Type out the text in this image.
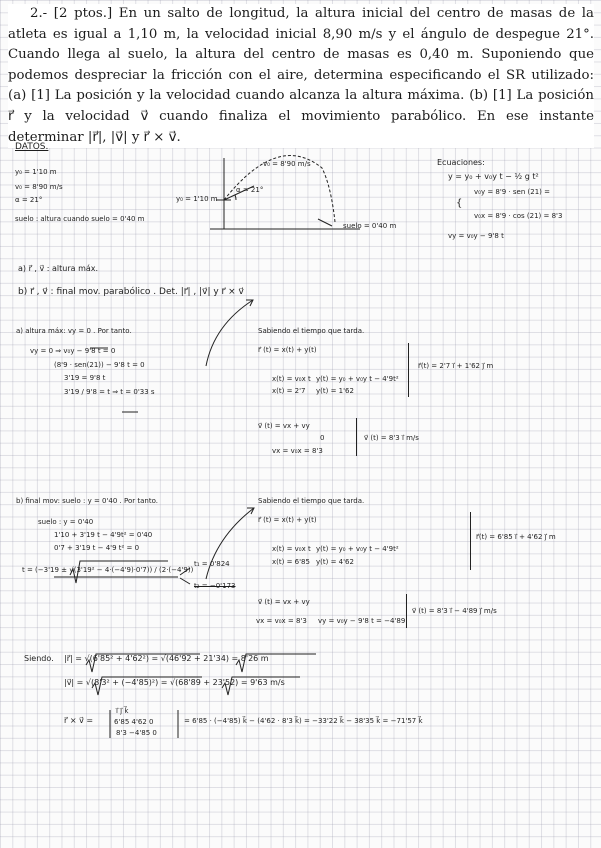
2.- [2 ptos.] En un salto de longitud, la altura inicial del centro de masas de la atleta es igual a 1,10 m, la velocidad inicial 8,90 m/s y el ángulo de despegue 21°. Cuando llega al suelo, la altura del centro de masas es 0,40 m. Suponiendo que podemos despreciar la fricción con el aire, determina especificando el SR utilizado: (a) [1] La posición y la velocidad cuando alcanza la altura máxima. (b) [1] La posición r⃗ y la velocidad v⃗ cuando finaliza el movimiento parabólico. En ese instante determinar |r⃗|, |v⃗| y r⃗ × v⃗.
DATOS.
y₀ = 1'10 m
v₀ = 8'90 m/s
α = 21°
suelo : altura cuando suelo = 0'40 m
v₀ = 8'90 m/s
α = 21°
y₀ = 1'10 m
suelo = 0'40 m
Ecuaciones:
y = y₀ + v₀y t − ½ g t²
v₀y = 8'9 · sen (21) =
v₀x = 8'9 · cos (21) = 8'3
vy = v₀y − 9'8 t
{
a) r⃗ , v⃗ : altura máx.
b) r⃗ , v⃗ : final mov. parabólico . Det. |r⃗| , |v⃗| y r⃗ × v⃗
a) altura máx: vy = 0 . Por tanto.
vy = 0 ⇒ v₀y − 9'8 t = 0
(8'9 · sen(21)) − 9'8 t = 0
3'19 = 9'8 t
3'19 / 9'8 = t ⇒ t = 0'33 s
Sabiendo el tiempo que tarda.
r⃗ (t) = x(t) + y(t)
x(t) = v₀x t y(t) = y₀ + v₀y t − 4'9t²
x(t) = 2'7 y(t) = 1'62
r⃗(t) = 2'7 i⃗ + 1'62 j⃗ m
v⃗ (t) = vx + vy
0
vx = v₀x = 8'3
v⃗ (t) = 8'3 i⃗ m/s
b) final mov: suelo : y = 0'40 . Por tanto.
suelo : y = 0'40
1'10 + 3'19 t − 4'9t² = 0'40
0'7 + 3'19 t − 4'9 t² = 0
t = (−3'19 ± √(3'19² − 4·(−4'9)·0'7)) / (2·(−4'9))
t₁ = 0'824
t₂ = −0'173
Sabiendo el tiempo que tarda.
r⃗ (t) = x(t) + y(t)
x(t) = v₀x t y(t) = y₀ + v₀y t − 4'9t²
x(t) = 6'85 y(t) = 4'62
r⃗(t) = 6'85 i⃗ + 4'62 j⃗ m
v⃗ (t) = vx + vy
vx = v₀x = 8'3 vy = v₀y − 9'8 t = −4'89
v⃗ (t) = 8'3 i⃗ − 4'89 j⃗ m/s
Siendo. |r⃗| = √(6'85² + 4'62²) = √(46'92 + 21'34) = 8'26 m
|v⃗| = √(8'3² + (−4'85)²) = √(68'89 + 23'52) = 9'63 m/s
r⃗ × v⃗ =
i⃗ j⃗ k⃗
6'85 4'62 0
8'3 −4'85 0
= 6'85 · (−4'85) k⃗ − (4'62 · 8'3 k⃗) = −33'22 k⃗ − 38'35 k⃗ = −71'57 k⃗
